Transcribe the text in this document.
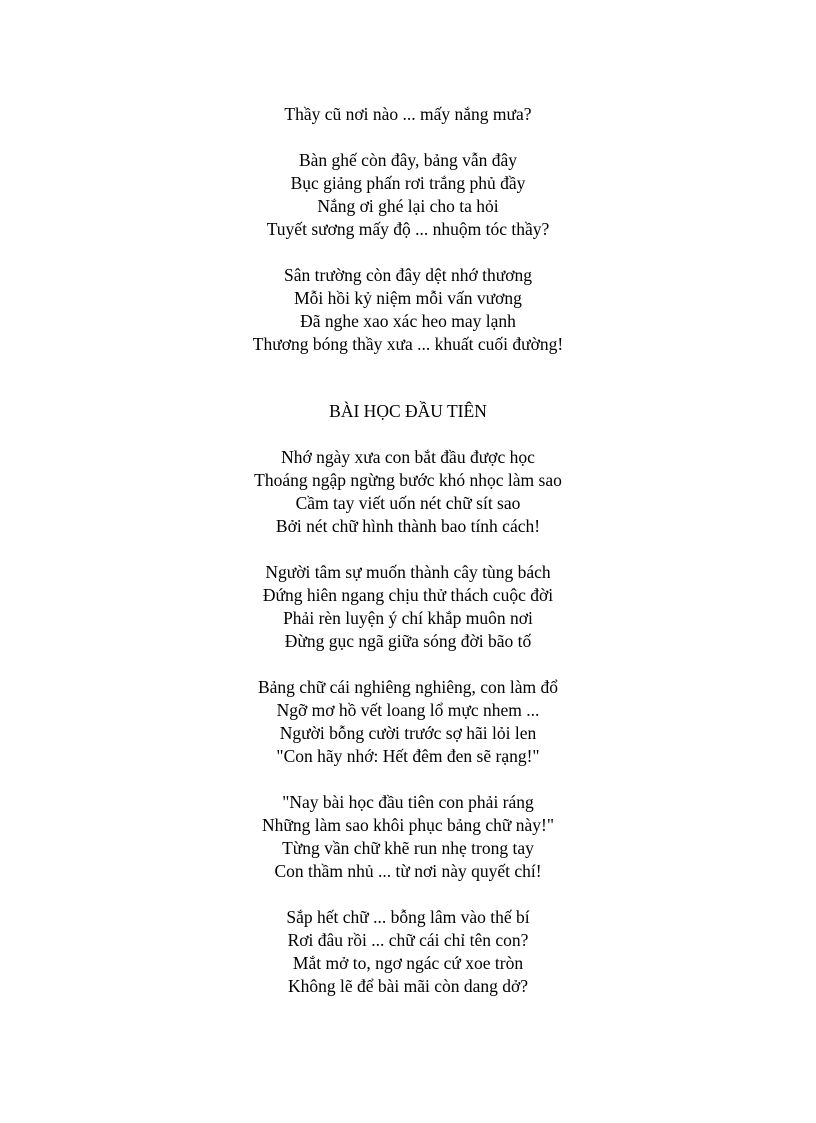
Thầy cũ nơi nào ... mấy nắng mưa?
Bàn ghế còn đây, bảng vẫn đây
Bục giảng phấn rơi trắng phủ đầy
Nắng ơi ghé lại cho ta hỏi
Tuyết sương mấy độ ... nhuộm tóc thầy?
Sân trường còn đây dệt nhớ thương
Mỗi hồi kỷ niệm mỗi vấn vương
Đã nghe xao xác heo may lạnh
Thương bóng thầy xưa ... khuất cuối đường!
BÀI HỌC ĐẦU TIÊN
Nhớ ngày xưa con bắt đầu được học
Thoáng ngập ngừng bước khó nhọc làm sao
Cầm tay viết uốn nét chữ sít sao
Bởi nét chữ hình thành bao tính cách!
Người tâm sự muốn thành cây tùng bách
Đứng hiên ngang chịu thử thách cuộc đời
Phải rèn luyện ý chí khắp muôn nơi
Đừng gục ngã giữa sóng đời bão tố
Bảng chữ cái nghiêng nghiêng, con làm đổ
Ngỡ mơ hồ vết loang lổ mực nhem ...
Người bỗng cười trước sợ hãi lỏi len
"Con hãy nhớ: Hết đêm đen sẽ rạng!"
"Nay bài học đầu tiên con phải ráng
Những làm sao khôi phục bảng chữ này!"
Từng vần chữ khẽ run nhẹ trong tay
Con thầm nhủ ... từ nơi này quyết chí!
Sắp hết chữ ... bỗng lâm vào thế bí
Rơi đâu rồi ... chữ cái chỉ tên con?
Mắt mở to, ngơ ngác cứ xoe tròn
Không lẽ để bài mãi còn dang dở?
